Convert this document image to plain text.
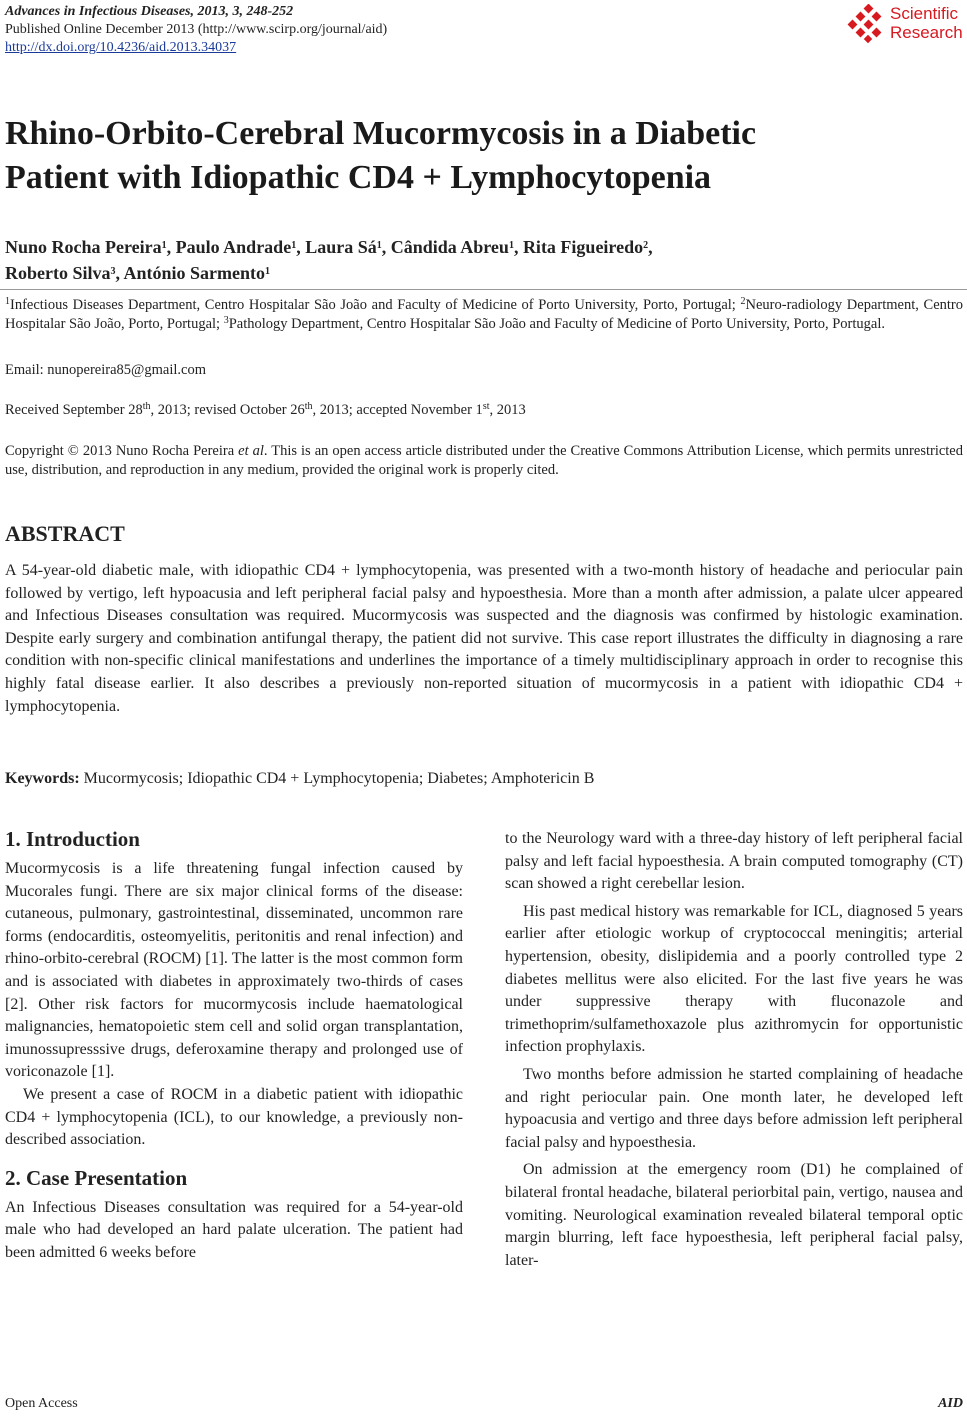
Advances in Infectious Diseases, 2013, 3, 248-252
Published Online December 2013 (http://www.scirp.org/journal/aid)
http://dx.doi.org/10.4236/aid.2013.34037
Scientific
Research
Rhino-Orbito-Cerebral Mucormycosis in a Diabetic
Patient with Idiopathic CD4 + Lymphocytopenia
Nuno Rocha Pereira$^1$, Paulo Andrade$^1$, Laura $Sá^1$, Cândida Abreu$^1$, Rita Figueiredo$^2$,
Roberto Silva$^3$, António Sarmento$^1$
$^1$Infectious Diseases Department, Centro Hospitalar São João and Faculty of Medicine of Porto University, Porto, Portugal; $^2$Neuro-radiology Department, Centro Hospitalar São João, Porto, Portugal; $^3$Pathology Department, Centro Hospitalar São João and Faculty of Medicine of Porto University, Porto, Portugal.
Email: nunopereira85@gmail.com
Received September 28th, 2013; revised October 26th, 2013; accepted November 1st, 2013
Copyright © 2013 Nuno Rocha Pereira et al. This is an open access article distributed under the Creative Commons Attribution License, which permits unrestricted use, distribution, and reproduction in any medium, provided the original work is properly cited.
ABSTRACT

A 54-year-old diabetic male, with idiopathic CD4 + lymphocytopenia, was presented with a two-month history of headache and periocular pain followed by vertigo, left hypoacusia and left peripheral facial palsy and hypoesthesia. More than a month after admission, a palate ulcer appeared and Infectious Diseases consultation was required. Mucormycosis was suspected and the diagnosis was confirmed by histologic examination. Despite early surgery and combination antifungal therapy, the patient did not survive. This case report illustrates the difficulty in diagnosing a rare condition with non-specific clinical manifestations and underlines the importance of a timely multidisciplinary approach in order to recognise this highly fatal disease earlier. It also describes a previously non-reported situation of mucormycosis in a patient with idiopathic CD4 + lymphocytopenia.

Keywords: Mucormycosis; Idiopathic CD4 + Lymphocytopenia; Diabetes; Amphotericin B
1. Introduction

Mucormycosis is a life threatening fungal infection caused by Mucorales fungi. There are six major clinical forms of the disease: cutaneous, pulmonary, gastrointestinal, disseminated, uncommon rare forms (endocarditis, osteomyelitis, peritonitis and renal infection) and rhino-orbito-cerebral (ROCM) [1]. The latter is the most common form and is associated with diabetes in approximately two-thirds of cases [2]. Other risk factors for mucormycosis include haematological malignancies, hematopoietic stem cell and solid organ transplantation, imunossupresssive drugs, deferoxamine therapy and prolonged use of voriconazole [1].

We present a case of ROCM in a diabetic patient with idiopathic CD4 + lymphocytopenia (ICL), to our knowledge, a previously non-described association.

2. Case Presentation

An Infectious Diseases consultation was required for a 54-year-old male who had developed an hard palate ulceration. The patient had been admitted 6 weeks before

to the Neurology ward with a three-day history of left peripheral facial palsy and left facial hypoesthesia. A brain computed tomography (CT) scan showed a right cerebellar lesion.

His past medical history was remarkable for ICL, diagnosed 5 years earlier after etiologic workup of cryptococcal meningitis; arterial hypertension, obesity, dislipidemia and a poorly controlled type 2 diabetes mellitus were also elicited. For the last five years he was under suppressive therapy with fluconazole and trimethoprim/sulfamethoxazole plus azithromycin for opportunistic infection prophylaxis.

Two months before admission he started complaining of headache and right periocular pain. One month later, he developed left hypoacusia and vertigo and three days before admission left peripheral facial palsy and hypoesthesia.

On admission at the emergency room (D1) he complained of bilateral frontal headache, bilateral periorbital pain, vertigo, nausea and vomiting. Neurological examination revealed bilateral temporal optic margin blurring, left face hypoesthesia, left peripheral facial palsy, later-

Open Access	AID
